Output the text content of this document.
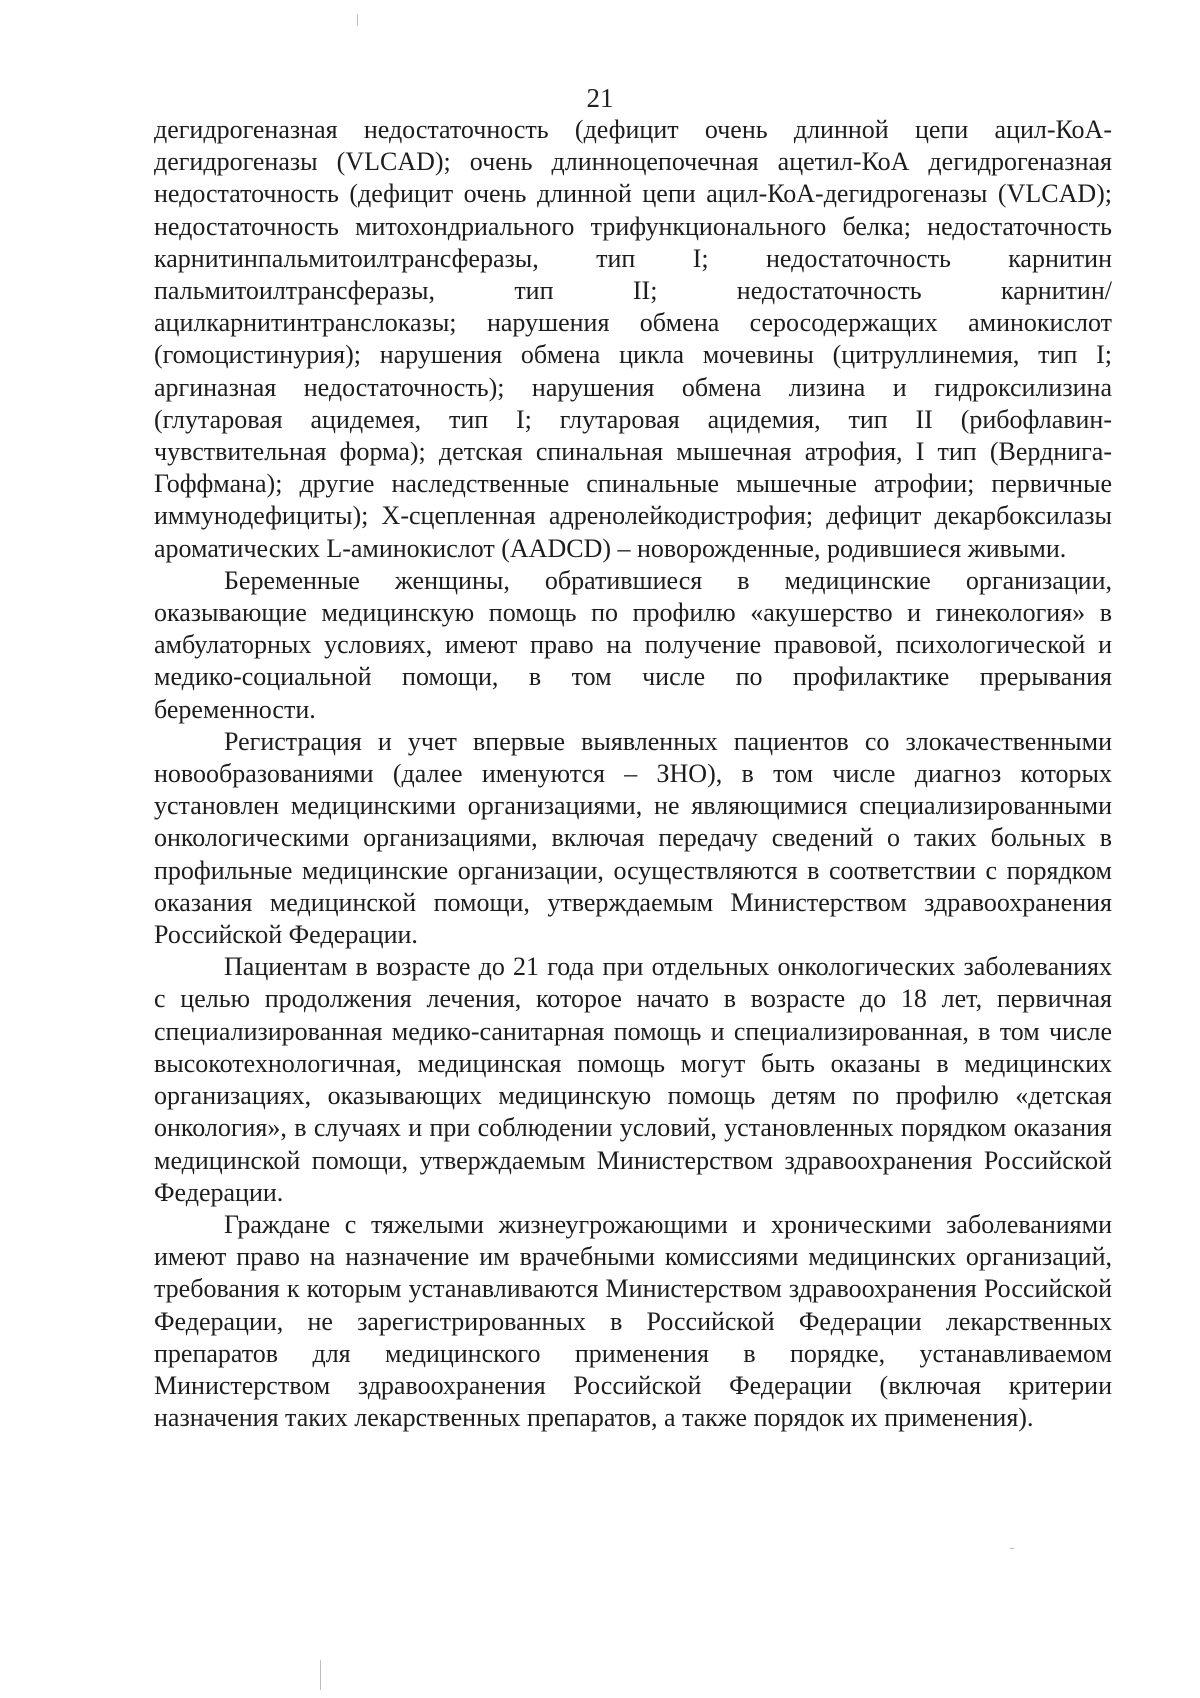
21

дегидрогеназная недостаточность (дефицит очень длинной цепи ацил-КоА-дегидрогеназы (VLCAD); очень длинноцепочечная ацетил-КоА дегидрогеназная недостаточность (дефицит очень длинной цепи ацил-КоА-дегидрогеназы (VLCAD); недостаточность митохондриального трифункционального белка; недостаточность карнитинпальмитоилтрансферазы, тип I; недостаточность карнитин пальмитоилтрансферазы, тип II; недостаточность карнитин/ацилкарнитинтранслоказы; нарушения обмена серосодержащих аминокислот (гомоцистинурия); нарушения обмена цикла мочевины (цитруллинемия, тип I; аргиназная недостаточность); нарушения обмена лизина и гидроксилизина (глутаровая ацидемея, тип I; глутаровая ацидемия, тип II (рибофлавин-чувствительная форма); детская спинальная мышечная атрофия, I тип (Верднига-Гоффмана); другие наследственные спинальные мышечные атрофии; первичные иммунодефициты); Х-сцепленная адренолейкодистрофия; дефицит декарбоксилазы ароматических L-аминокислот (AADCD) – новорожденные, родившиеся живыми.

Беременные женщины, обратившиеся в медицинские организации, оказывающие медицинскую помощь по профилю «акушерство и гинекология» в амбулаторных условиях, имеют право на получение правовой, психологической и медико-социальной помощи, в том числе по профилактике прерывания беременности.

Регистрация и учет впервые выявленных пациентов со злокачественными новообразованиями (далее именуются – ЗНО), в том числе диагноз которых установлен медицинскими организациями, не являющимися специализированными онкологическими организациями, включая передачу сведений о таких больных в профильные медицинские организации, осуществляются в соответствии с порядком оказания медицинской помощи, утверждаемым Министерством здравоохранения Российской Федерации.

Пациентам в возрасте до 21 года при отдельных онкологических заболеваниях с целью продолжения лечения, которое начато в возрасте до 18 лет, первичная специализированная медико-санитарная помощь и специализированная, в том числе высокотехнологичная, медицинская помощь могут быть оказаны в медицинских организациях, оказывающих медицинскую помощь детям по профилю «детская онкология», в случаях и при соблюдении условий, установленных порядком оказания медицинской помощи, утверждаемым Министерством здравоохранения Российской Федерации.

Граждане с тяжелыми жизнеугрожающими и хроническими заболеваниями имеют право на назначение им врачебными комиссиями медицинских организаций, требования к которым устанавливаются Министерством здравоохранения Российской Федерации, не зарегистрированных в Российской Федерации лекарственных препаратов для медицинского применения в порядке, устанавливаемом Министерством здравоохранения Российской Федерации (включая критерии назначения таких лекарственных препаратов, а также порядок их применения).
